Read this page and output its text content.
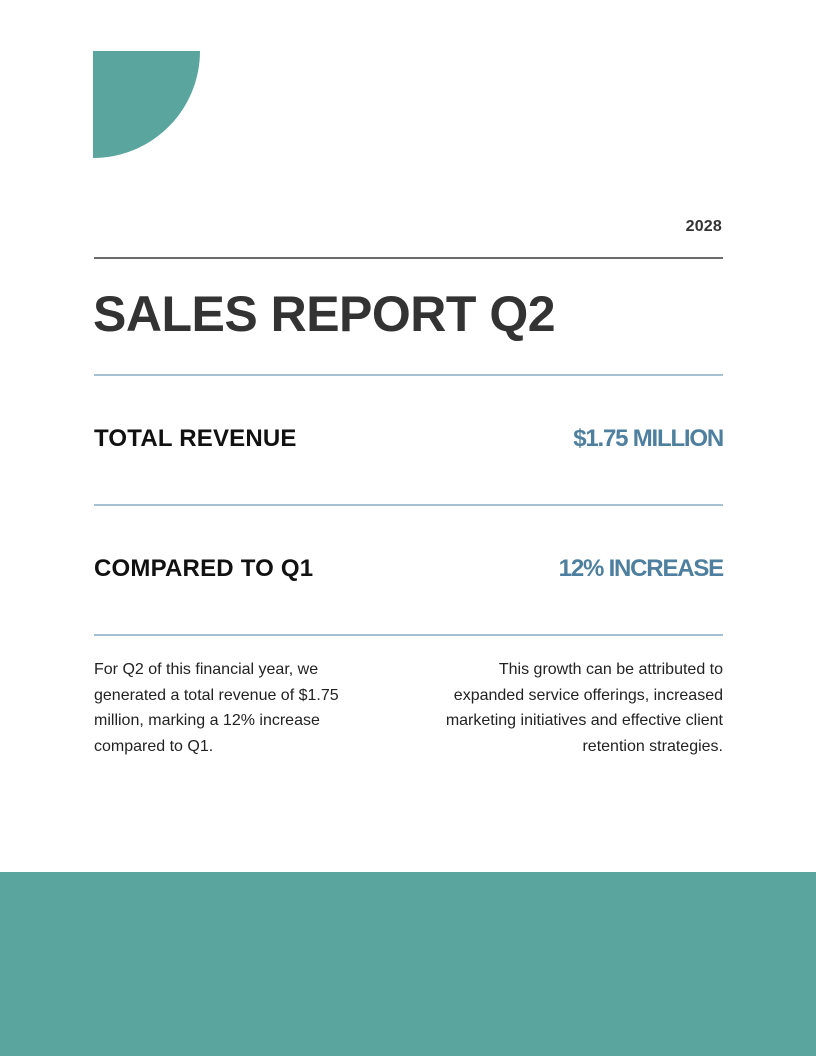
2028
SALES REPORT Q2
TOTAL REVENUE	$1.75 MILLION
COMPARED TO Q1	12% INCREASE

For Q2 of this financial year, we generated a total revenue of $1.75 million, marking a 12% increase compared to Q1.

This growth can be attributed to expanded service offerings, increased marketing initiatives and effective client retention strategies.
